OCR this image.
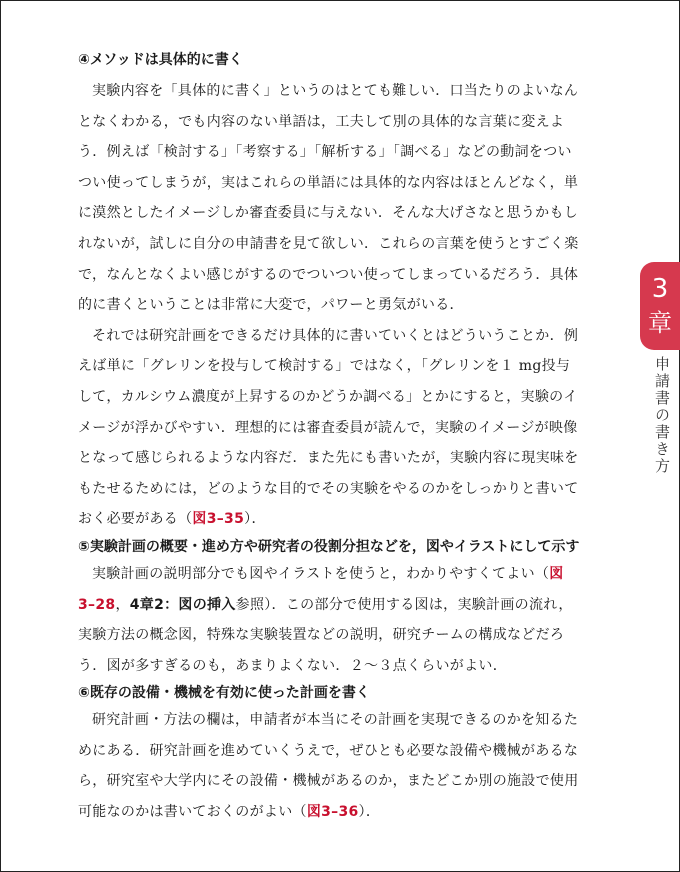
④メソッドは具体的に書く

実験内容を「具体的に書く」というのはとても難しい．口当たりのよいなん
となくわかる，でも内容のない単語は，工夫して別の具体的な言葉に変えよ
う．例えば「検討する」「考察する」「解析する」「調べる」などの動詞をつい
つい使ってしまうが，実はこれらの単語には具体的な内容はほとんどなく，単
に漠然としたイメージしか審査委員に与えない．そんな大げさなと思うかもし
れないが，試しに自分の申請書を見て欲しい．これらの言葉を使うとすごく楽
で，なんとなくよい感じがするのでついつい使ってしまっているだろう．具体
的に書くということは非常に大変で，パワーと勇気がいる．

それでは研究計画をできるだけ具体的に書いていくとはどういうことか．例
えば単に「グレリンを投与して検討する」ではなく，「グレリンを１ mg投与
して，カルシウム濃度が上昇するのかどうか調べる」とかにすると，実験のイ
メージが浮かびやすい．理想的には審査委員が読んで，実験のイメージが映像
となって感じられるような内容だ．また先にも書いたが，実験内容に現実味を
もたせるためには，どのような目的でその実験をやるのかをしっかりと書いて
おく必要がある（図3–35）．

⑤実験計画の概要・進め方や研究者の役割分担などを，図やイラストにして示す

実験計画の説明部分でも図やイラストを使うと，わかりやすくてよい（図
3–28，4章2：図の挿入参照）．この部分で使用する図は，実験計画の流れ，
実験方法の概念図，特殊な実験装置などの説明，研究チームの構成などだろ
う．図が多すぎるのも，あまりよくない．２～３点くらいがよい．

⑥既存の設備・機械を有効に使った計画を書く

研究計画・方法の欄は，申請者が本当にその計画を実現できるのかを知るた
めにある．研究計画を進めていくうえで，ぜひとも必要な設備や機械があるな
ら，研究室や大学内にその設備・機械があるのか，またどこか別の施設で使用
可能なのかは書いておくのがよい（図3–36）．

3
章
申請書の書き方
